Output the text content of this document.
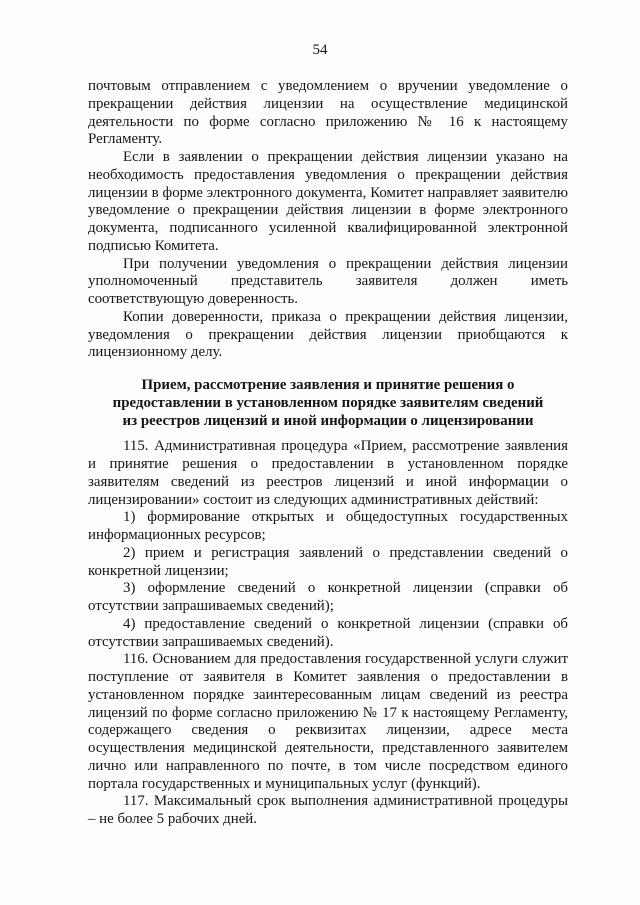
54

почтовым отправлением с уведомлением о вручении уведомление о прекращении действия лицензии на осуществление медицинской деятельности по форме согласно приложению № 16 к настоящему Регламенту.

Если в заявлении о прекращении действия лицензии указано на необходимость предоставления уведомления о прекращении действия лицензии в форме электронного документа, Комитет направляет заявителю уведомление о прекращении действия лицензии в форме электронного документа, подписанного усиленной квалифицированной электронной подписью Комитета.

При получении уведомления о прекращении действия лицензии уполномоченный представитель заявителя должен иметь соответствующую доверенность.

Копии доверенности, приказа о прекращении действия лицензии, уведомления о прекращении действия лицензии приобщаются к лицензионному делу.

Прием, рассмотрение заявления и принятие решения о
предоставлении в установленном порядке заявителям сведений
из реестров лицензий и иной информации о лицензировании

115. Административная процедура «Прием, рассмотрение заявления и принятие решения о предоставлении в установленном порядке заявителям сведений из реестров лицензий и иной информации о лицензировании» состоит из следующих административных действий:

1) формирование открытых и общедоступных государственных информационных ресурсов;

2) прием и регистрация заявлений о представлении сведений о конкретной лицензии;

3) оформление сведений о конкретной лицензии (справки об отсутствии запрашиваемых сведений);

4) предоставление сведений о конкретной лицензии (справки об отсутствии запрашиваемых сведений).

116. Основанием для предоставления государственной услуги служит поступление от заявителя в Комитет заявления о предоставлении в установленном порядке заинтересованным лицам сведений из реестра лицензий по форме согласно приложению № 17 к настоящему Регламенту, содержащего сведения о реквизитах лицензии, адресе места осуществления медицинской деятельности, представленного заявителем лично или направленного по почте, в том числе посредством единого портала государственных и муниципальных услуг (функций).

117. Максимальный срок выполнения административной процедуры – не более 5 рабочих дней.
